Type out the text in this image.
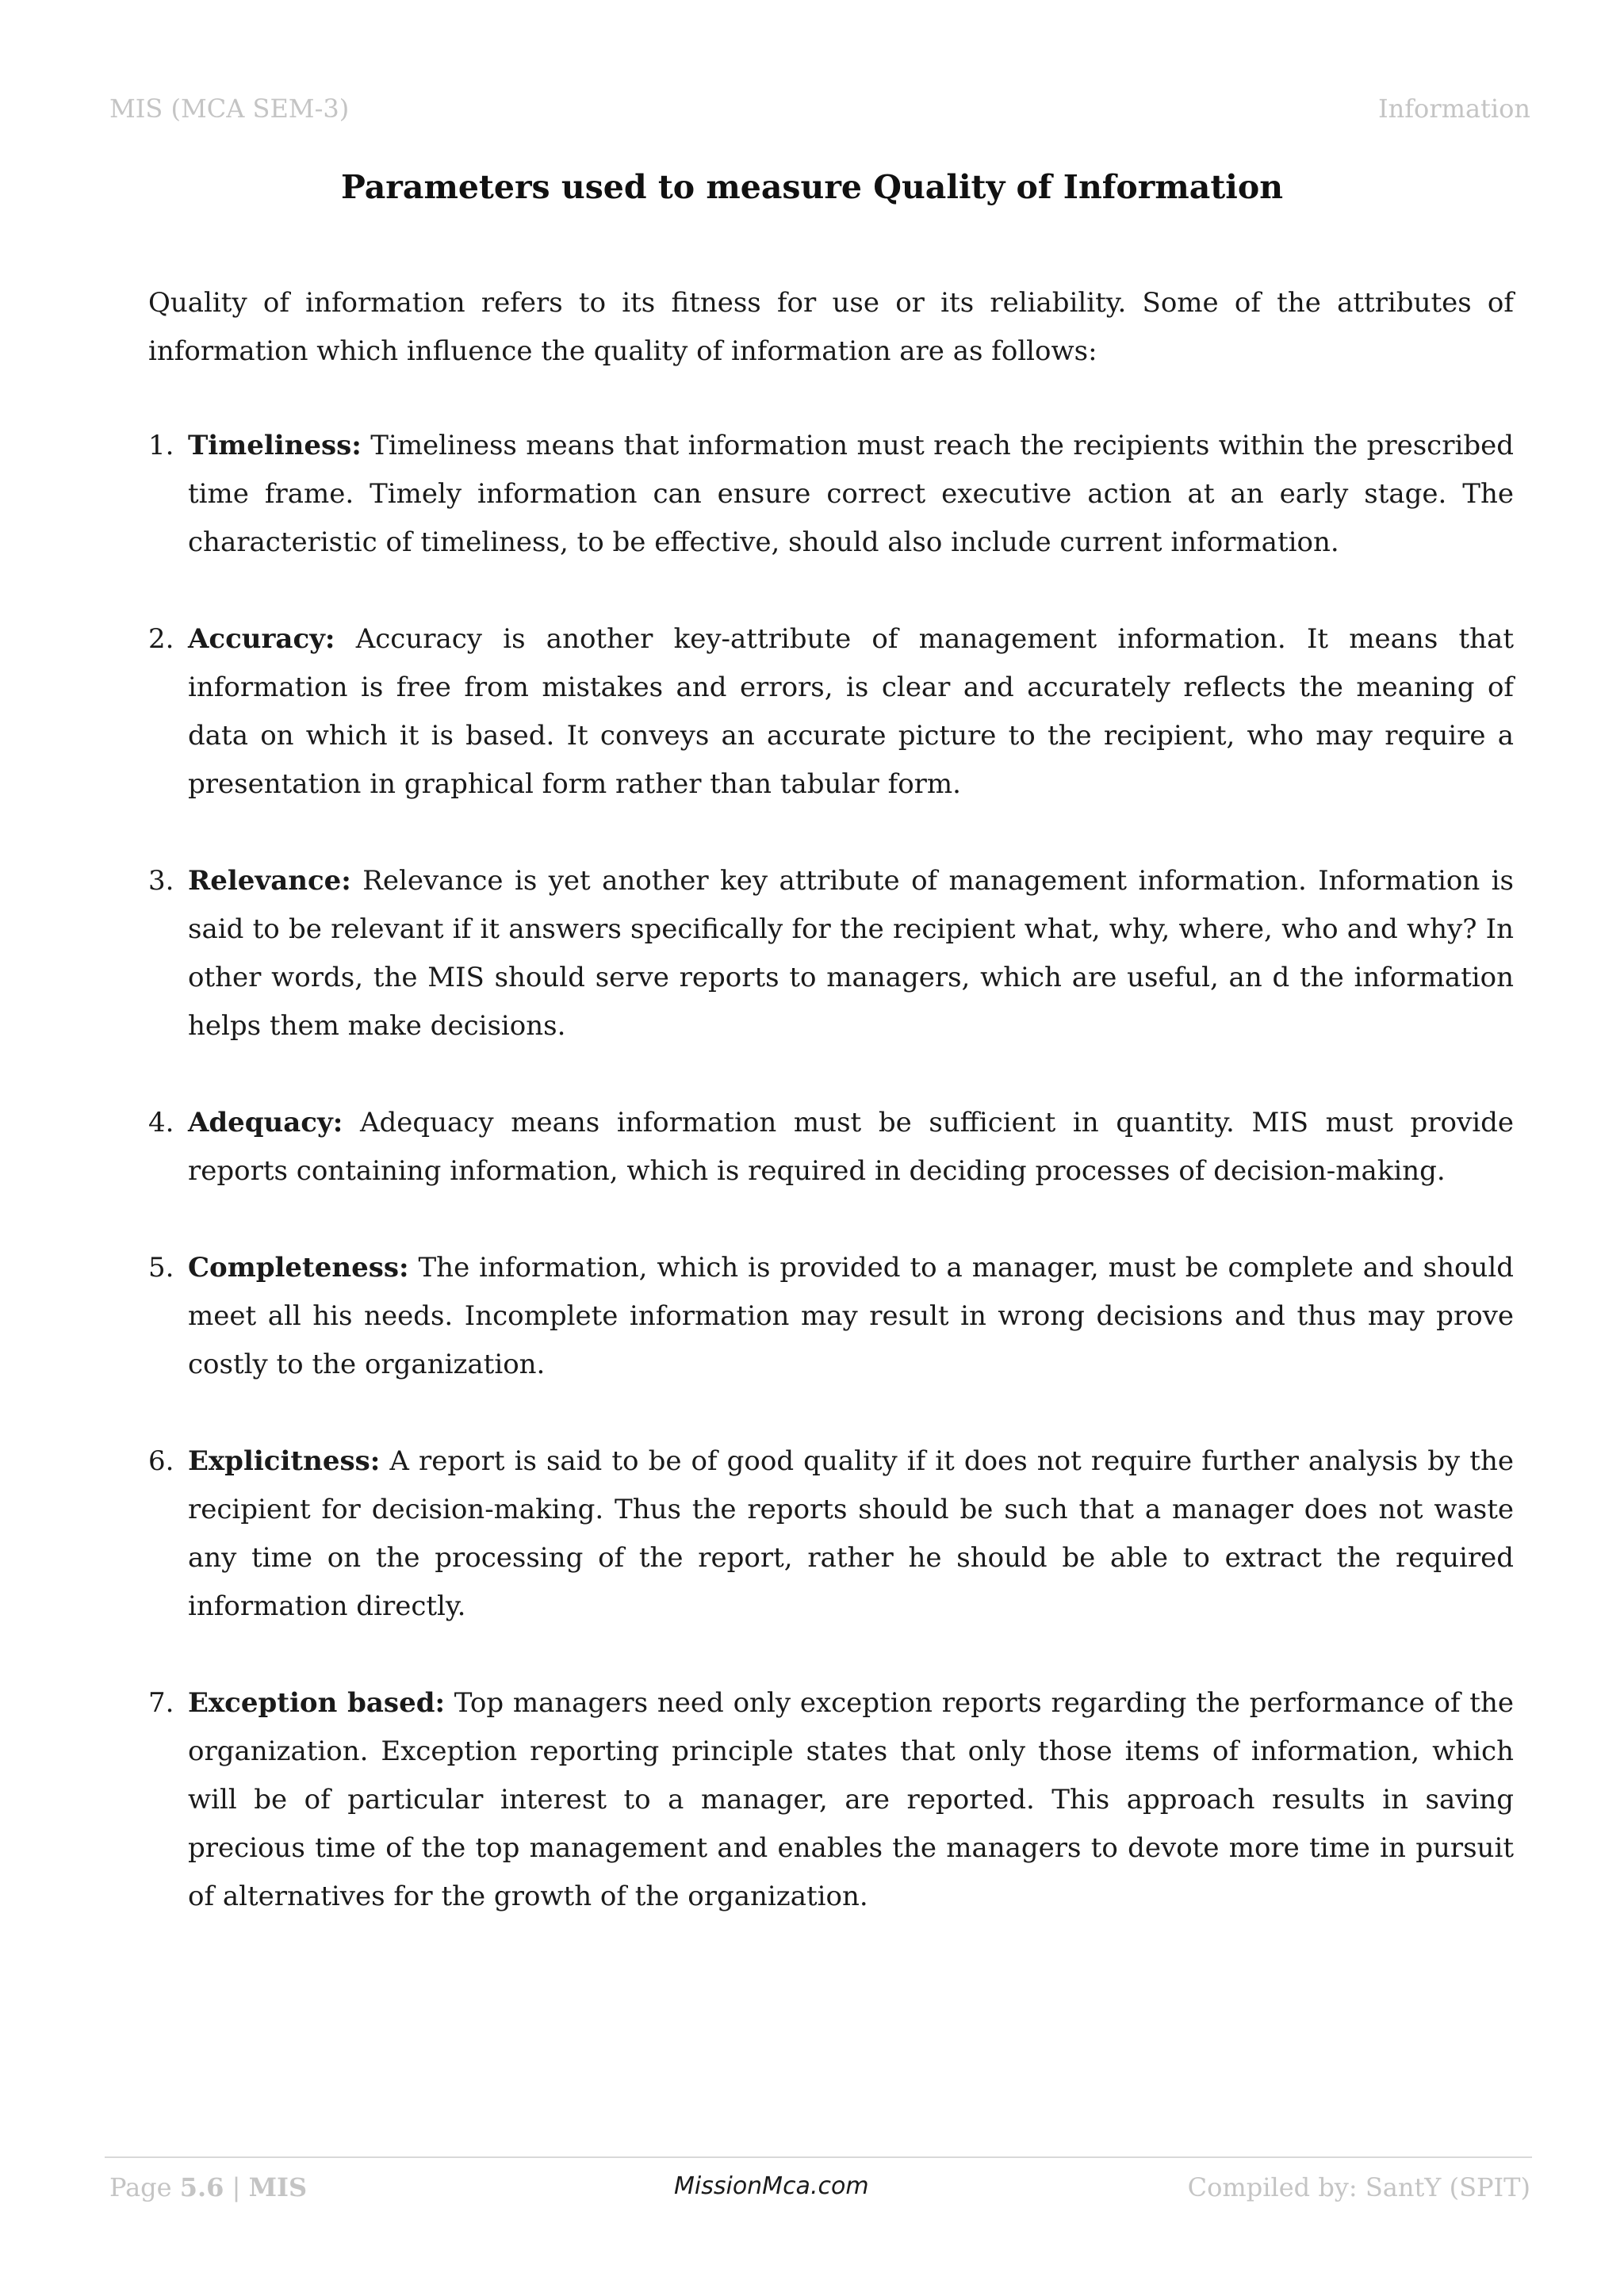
MIS (MCA SEM-3)	Information
Parameters used to measure Quality of Information

Quality of information refers to its fitness for use or its reliability. Some of the attributes of information which influence the quality of information are as follows:

1. Timeliness: Timeliness means that information must reach the recipients within the prescribed time frame. Timely information can ensure correct executive action at an early stage. The characteristic of timeliness, to be effective, should also include current information.
2. Accuracy: Accuracy is another key-attribute of management information. It means that information is free from mistakes and errors, is clear and accurately reflects the meaning of data on which it is based. It conveys an accurate picture to the recipient, who may require a presentation in graphical form rather than tabular form.
3. Relevance: Relevance is yet another key attribute of management information. Information is said to be relevant if it answers specifically for the recipient what, why, where, who and why? In other words, the MIS should serve reports to managers, which are useful, an d the information helps them make decisions.
4. Adequacy: Adequacy means information must be sufficient in quantity. MIS must provide reports containing information, which is required in deciding processes of decision-making.
5. Completeness: The information, which is provided to a manager, must be complete and should meet all his needs. Incomplete information may result in wrong decisions and thus may prove costly to the organization.
6. Explicitness: A report is said to be of good quality if it does not require further analysis by the recipient for decision-making. Thus the reports should be such that a manager does not waste any time on the processing of the report, rather he should be able to extract the required information directly.
7. Exception based: Top managers need only exception reports regarding the performance of the organization. Exception reporting principle states that only those items of information, which will be of particular interest to a manager, are reported. This approach results in saving precious time of the top management and enables the managers to devote more time in pursuit of alternatives for the growth of the organization.
Page 5.6 | MIS	MissionMca.com	Compiled by: SantY (SPIT)
